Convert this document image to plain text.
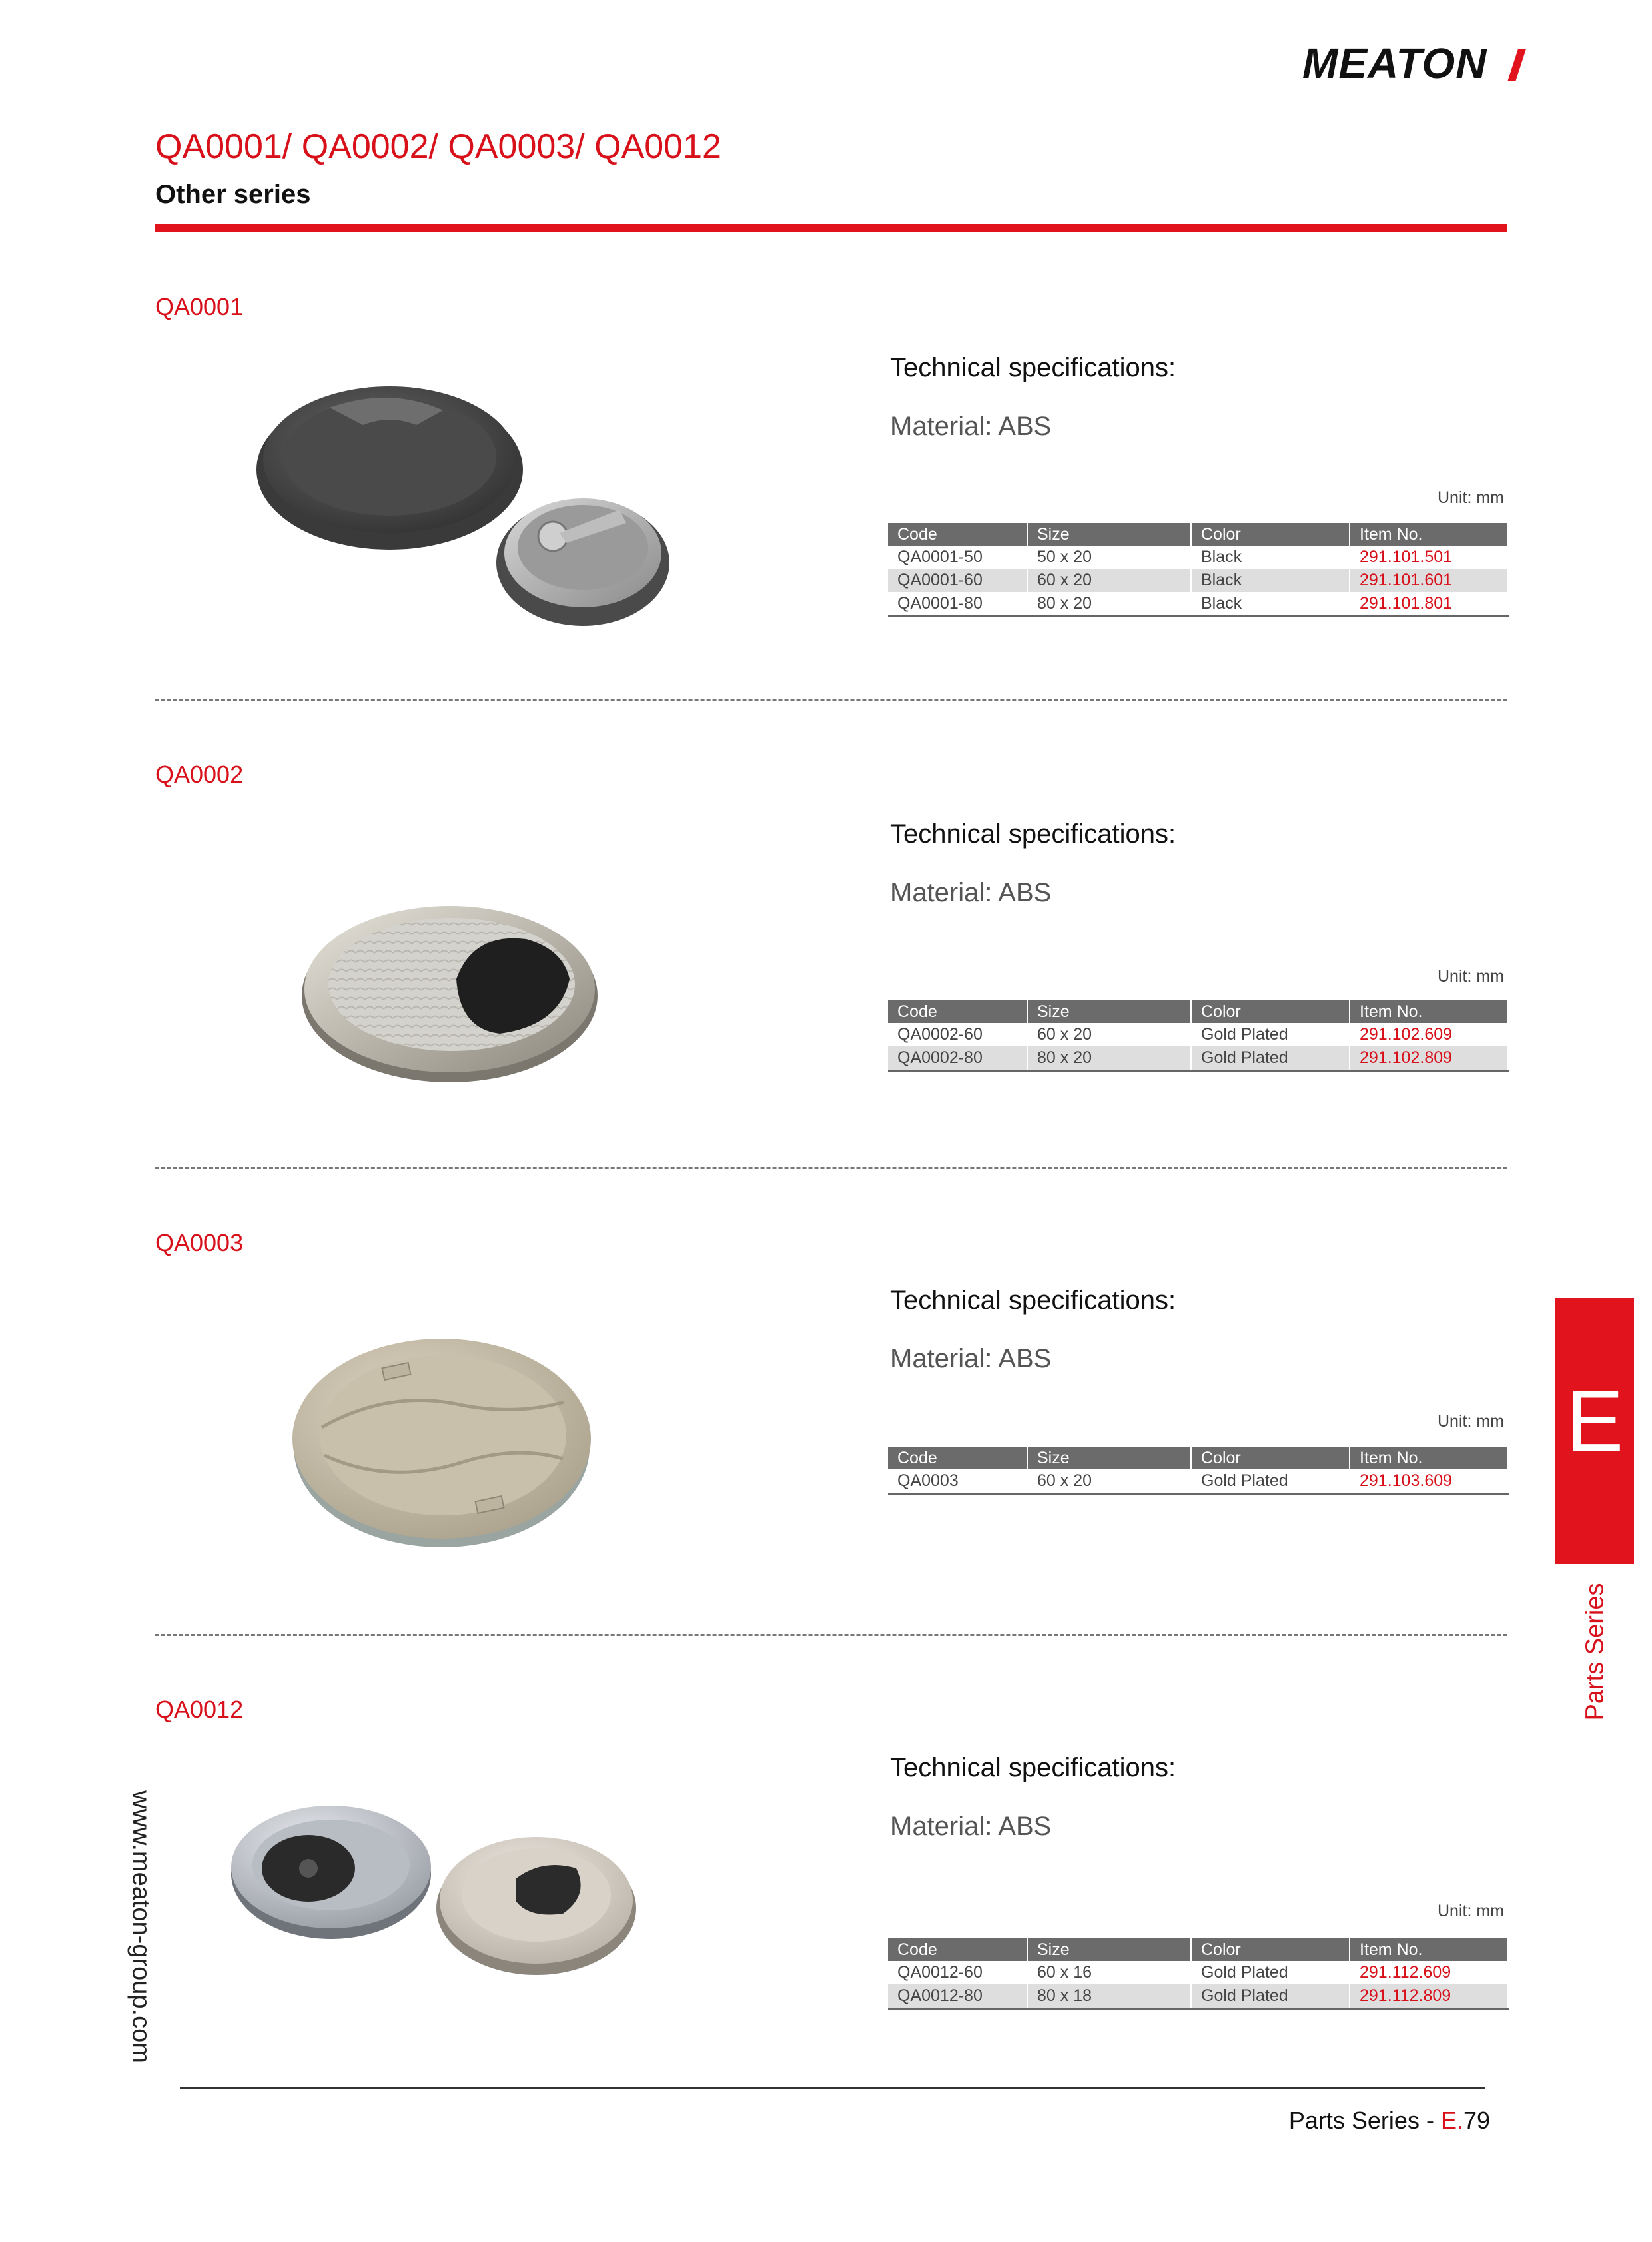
MEATON
QA0001/ QA0002/ QA0003/ QA0012
Other series
QA0001
Technical specifications:
Material: ABS
Unit: mm
Code	Size	Color	Item No.
QA0001-50	50 x 20	Black	291.101.501
QA0001-60	60 x 20	Black	291.101.601
QA0001-80	80 x 20	Black	291.101.801
QA0002
Technical specifications:
Material: ABS
Unit: mm
Code	Size	Color	Item No.
QA0002-60	60 x 20	Gold Plated	291.102.609
QA0002-80	80 x 20	Gold Plated	291.102.809
QA0003
Technical specifications:
Material: ABS
Unit: mm
Code	Size	Color	Item No.
QA0003	60 x 20	Gold Plated	291.103.609
QA0012
Technical specifications:
Material: ABS
Unit: mm
Code	Size	Color	Item No.
QA0012-60	60 x 16	Gold Plated	291.112.609
QA0012-80	80 x 18	Gold Plated	291.112.809
E
Parts Series
www.meaton-group.com
Parts Series - E.79
